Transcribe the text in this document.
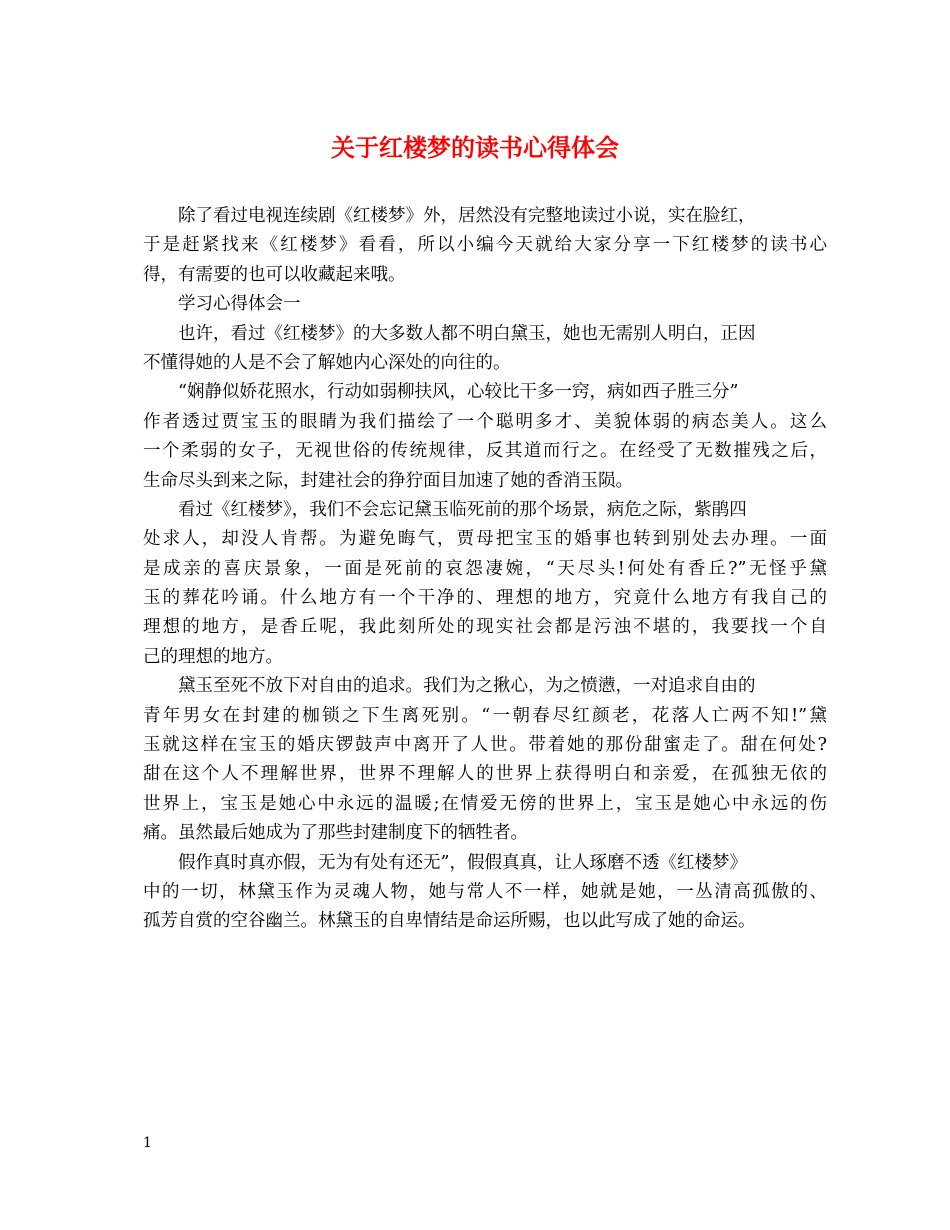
关于红楼梦的读书心得体会
除了看过电视连续剧《红楼梦》外，居然没有完整地读过小说，实在脸红，
于是赶紧找来《红楼梦》看看，所以小编今天就给大家分享一下红楼梦的读书心
得，有需要的也可以收藏起来哦。
学习心得体会一
也许，看过《红楼梦》的大多数人都不明白黛玉，她也无需别人明白，正因
不懂得她的人是不会了解她内心深处的向往的。
“娴静似娇花照水，行动如弱柳扶风，心较比干多一窍，病如西子胜三分”
作者透过贾宝玉的眼睛为我们描绘了一个聪明多才、美貌体弱的病态美人。这么
一个柔弱的女子，无视世俗的传统规律，反其道而行之。在经受了无数摧残之后，
生命尽头到来之际，封建社会的狰狞面目加速了她的香消玉陨。
看过《红楼梦》，我们不会忘记黛玉临死前的那个场景，病危之际，紫鹃四
处求人，却没人肯帮。为避免晦气，贾母把宝玉的婚事也转到别处去办理。一面
是成亲的喜庆景象，一面是死前的哀怨凄婉，“天尽头!何处有香丘?”无怪乎黛
玉的葬花吟诵。什么地方有一个干净的、理想的地方，究竟什么地方有我自己的
理想的地方，是香丘呢，我此刻所处的现实社会都是污浊不堪的，我要找一个自
己的理想的地方。
黛玉至死不放下对自由的追求。我们为之揪心，为之愤懑，一对追求自由的
青年男女在封建的枷锁之下生离死别。“一朝春尽红颜老，花落人亡两不知!”黛
玉就这样在宝玉的婚庆锣鼓声中离开了人世。带着她的那份甜蜜走了。甜在何处?
甜在这个人不理解世界，世界不理解人的世界上获得明白和亲爱，在孤独无依的
世界上，宝玉是她心中永远的温暖;在情爱无傍的世界上，宝玉是她心中永远的伤
痛。虽然最后她成为了那些封建制度下的牺牲者。
假作真时真亦假，无为有处有还无”，假假真真，让人琢磨不透《红楼梦》
中的一切，林黛玉作为灵魂人物，她与常人不一样，她就是她，一丛清高孤傲的、
孤芳自赏的空谷幽兰。林黛玉的自卑情结是命运所赐，也以此写成了她的命运。
1
